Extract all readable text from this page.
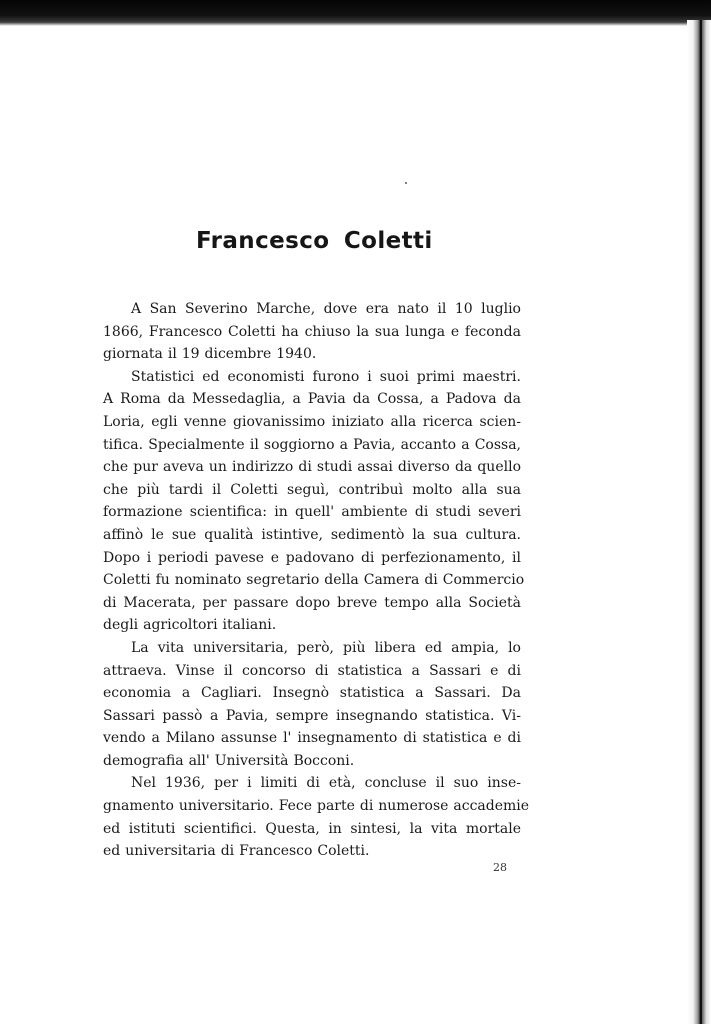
Francesco Coletti
A San Severino Marche, dove era nato il 10 luglio
1866, Francesco Coletti ha chiuso la sua lunga e feconda
giornata il 19 dicembre 1940.
Statistici ed economisti furono i suoi primi maestri.
A Roma da Messedaglia, a Pavia da Cossa, a Padova da
Loria, egli venne giovanissimo iniziato alla ricerca scien-
tifica. Specialmente il soggiorno a Pavia, accanto a Cossa,
che pur aveva un indirizzo di studi assai diverso da quello
che più tardi il Coletti seguì, contribuì molto alla sua
formazione scientifica: in quell' ambiente di studi severi
affinò le sue qualità istintive, sedimentò la sua cultura.
Dopo i periodi pavese e padovano di perfezionamento, il
Coletti fu nominato segretario della Camera di Commercio
di Macerata, per passare dopo breve tempo alla Società
degli agricoltori italiani.
La vita universitaria, però, più libera ed ampia, lo
attraeva. Vinse il concorso di statistica a Sassari e di
economia a Cagliari. Insegnò statistica a Sassari. Da
Sassari passò a Pavia, sempre insegnando statistica. Vi-
vendo a Milano assunse l' insegnamento di statistica e di
demografia all' Università Bocconi.
Nel 1936, per i limiti di età, concluse il suo inse-
gnamento universitario. Fece parte di numerose accademie
ed istituti scientifici. Questa, in sintesi, la vita mortale
ed universitaria di Francesco Coletti.
28
